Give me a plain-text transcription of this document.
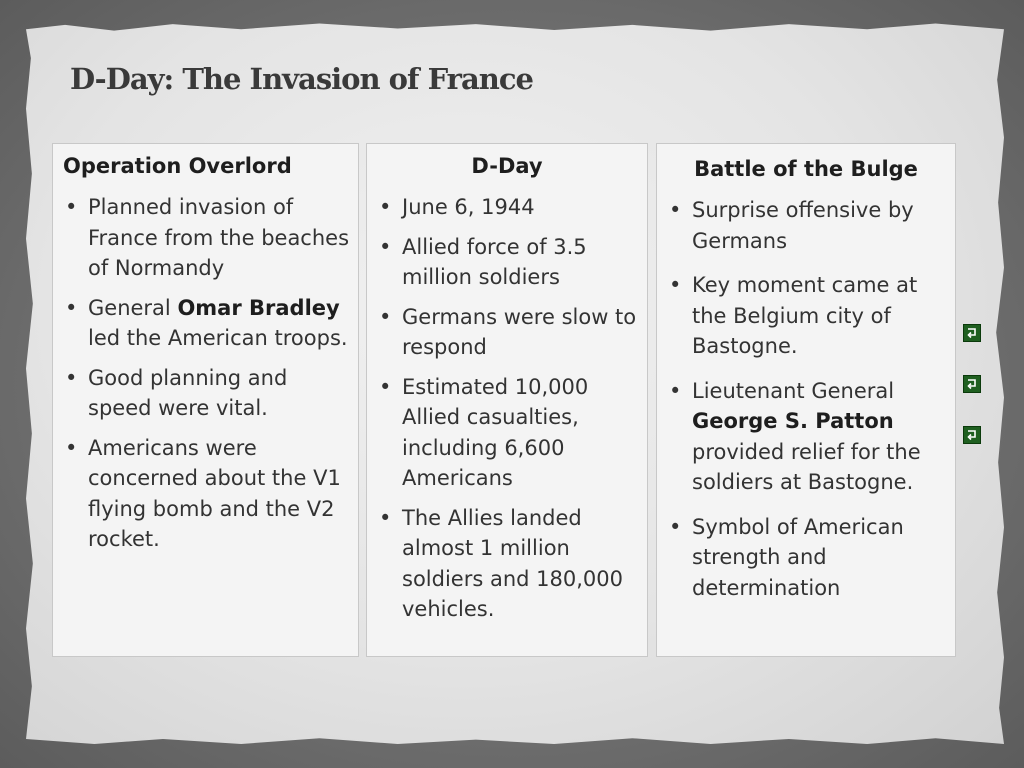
D-Day: The Invasion of France
Operation Overlord
• Planned invasion of France from the beaches of Normandy
• General Omar Bradley led the American troops.
• Good planning and speed were vital.
• Americans were concerned about the V1 flying bomb and the V2 rocket.
D-Day
• June 6, 1944
• Allied force of 3.5 million soldiers
• Germans were slow to respond
• Estimated 10,000 Allied casualties, including 6,600 Americans
• The Allies landed almost 1 million soldiers and 180,000 vehicles.
Battle of the Bulge
• Surprise offensive by Germans
• Key moment came at the Belgium city of Bastogne.
• Lieutenant General George S. Patton provided relief for the soldiers at Bastogne.
• Symbol of American strength and determination
